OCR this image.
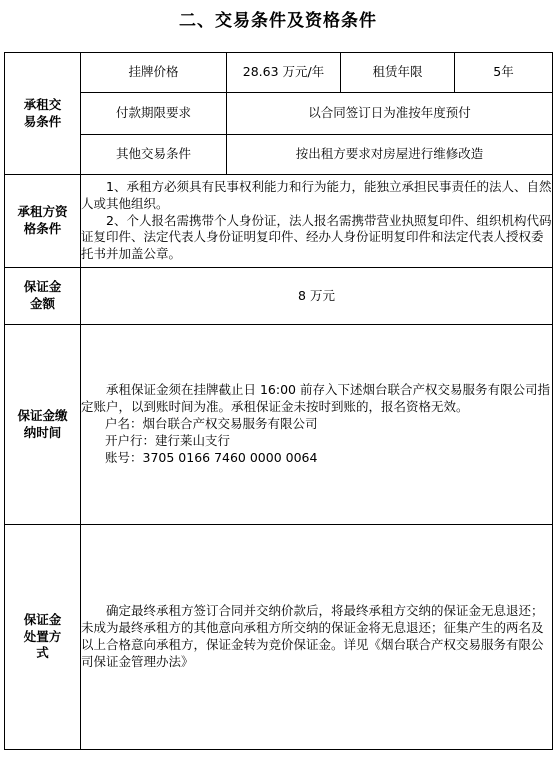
二、交易条件及资格条件
承租交易条件	挂牌价格	28.63 万元/年	租赁年限	5年
	付款期限要求	以合同签订日为准按年度预付		
	其他交易条件	按出租方要求对房屋进行维修改造		

承租方资格条件	1、承租方必须具有民事权利能力和行为能力，能独立承担民事责任的法人、自然人或其他组织。

2、个人报名需携带个人身份证，法人报名需携带营业执照复印件、组织机构代码证复印件、法定代表人身份证明复印件、经办人身份证明复印件和法定代表人授权委托书并加盖公章。			

保证金金额	8 万元			

保证金缴纳时间	承租保证金须在挂牌截止日 16:00 前存入下述烟台联合产权交易服务有限公司指定账户，以到账时间为准。承租保证金未按时到账的，报名资格无效。

户名：烟台联合产权交易服务有限公司

开户行：建行莱山支行

账号：3705 0166 7460 0000 0064			

保证金处置方式	确定最终承租方签订合同并交纳价款后，将最终承租方交纳的保证金无息退还；未成为最终承租方的其他意向承租方所交纳的保证金将无息退还；征集产生的两名及以上合格意向承租方，保证金转为竞价保证金。详见《烟台联合产权交易服务有限公司保证金管理办法》			
